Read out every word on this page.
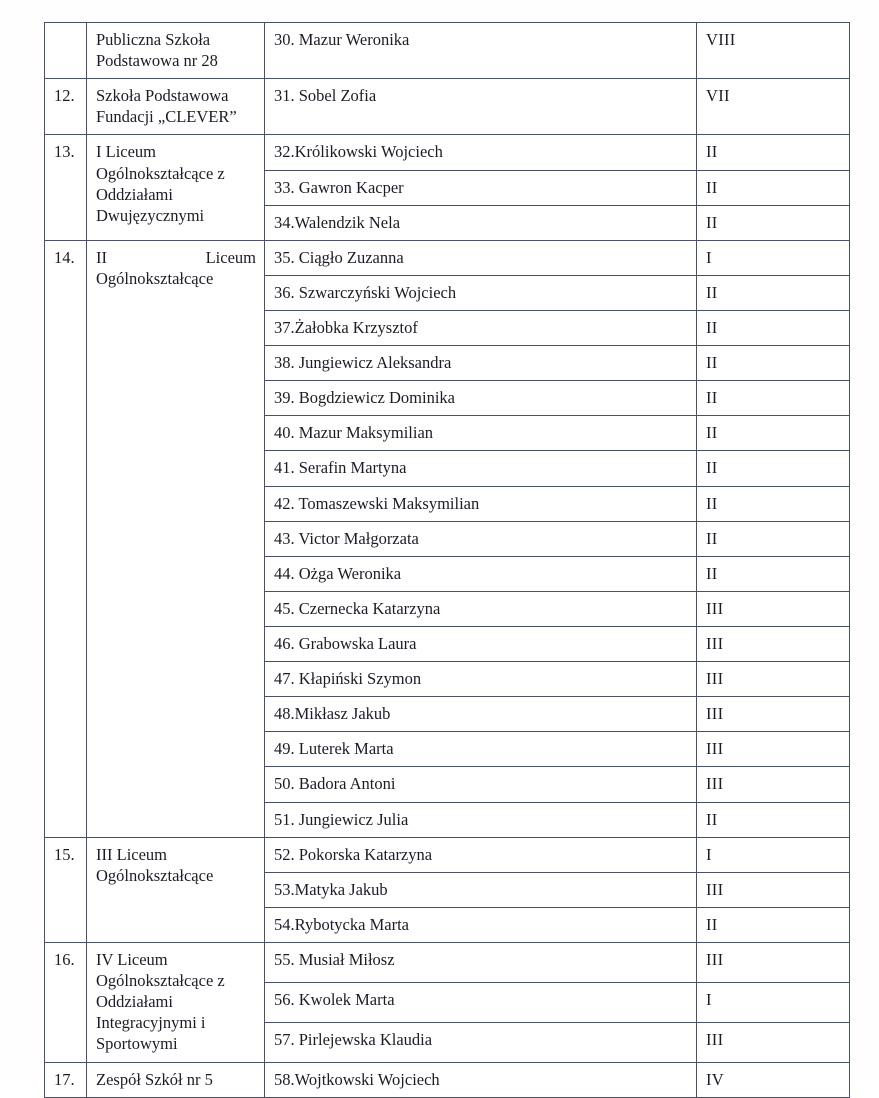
	Publiczna Szkoła
Podstawowa nr 28	30. Mazur Weronika	VIII
12.	Szkoła Podstawowa
Fundacji „CLEVER”	31. Sobel Zofia	VII
13.	I Liceum
Ogólnokształcące z
Oddziałami
Dwujęzycznymi	32.Królikowski Wojciech	II
		33. Gawron Kacper	II
		34.Walendzik Nela	II
14.	II Liceum
Ogólnokształcące	35. Ciągło Zuzanna	I
		36. Szwarczyński Wojciech	II
		37.Żałobka Krzysztof	II
		38. Jungiewicz Aleksandra	II
		39. Bogdziewicz Dominika	II
		40. Mazur Maksymilian	II
		41. Serafin Martyna	II
		42. Tomaszewski Maksymilian	II
		43. Victor Małgorzata	II
		44. Ożga Weronika	II
		45. Czernecka Katarzyna	III
		46. Grabowska Laura	III
		47. Kłapiński Szymon	III
		48.Mikłasz Jakub	III
		49. Luterek Marta	III
		50. Badora Antoni	III
		51. Jungiewicz Julia	II
15.	III Liceum
Ogólnokształcące	52. Pokorska Katarzyna	I
		53.Matyka Jakub	III
		54.Rybotycka Marta	II
16.	IV Liceum
Ogólnokształcące z
Oddziałami
Integracyjnymi i
Sportowymi	55. Musiał Miłosz	III
		56. Kwolek Marta	I
		57. Pirlejewska Klaudia	III
17.	Zespół Szkół nr 5	58.Wojtkowski Wojciech	IV
